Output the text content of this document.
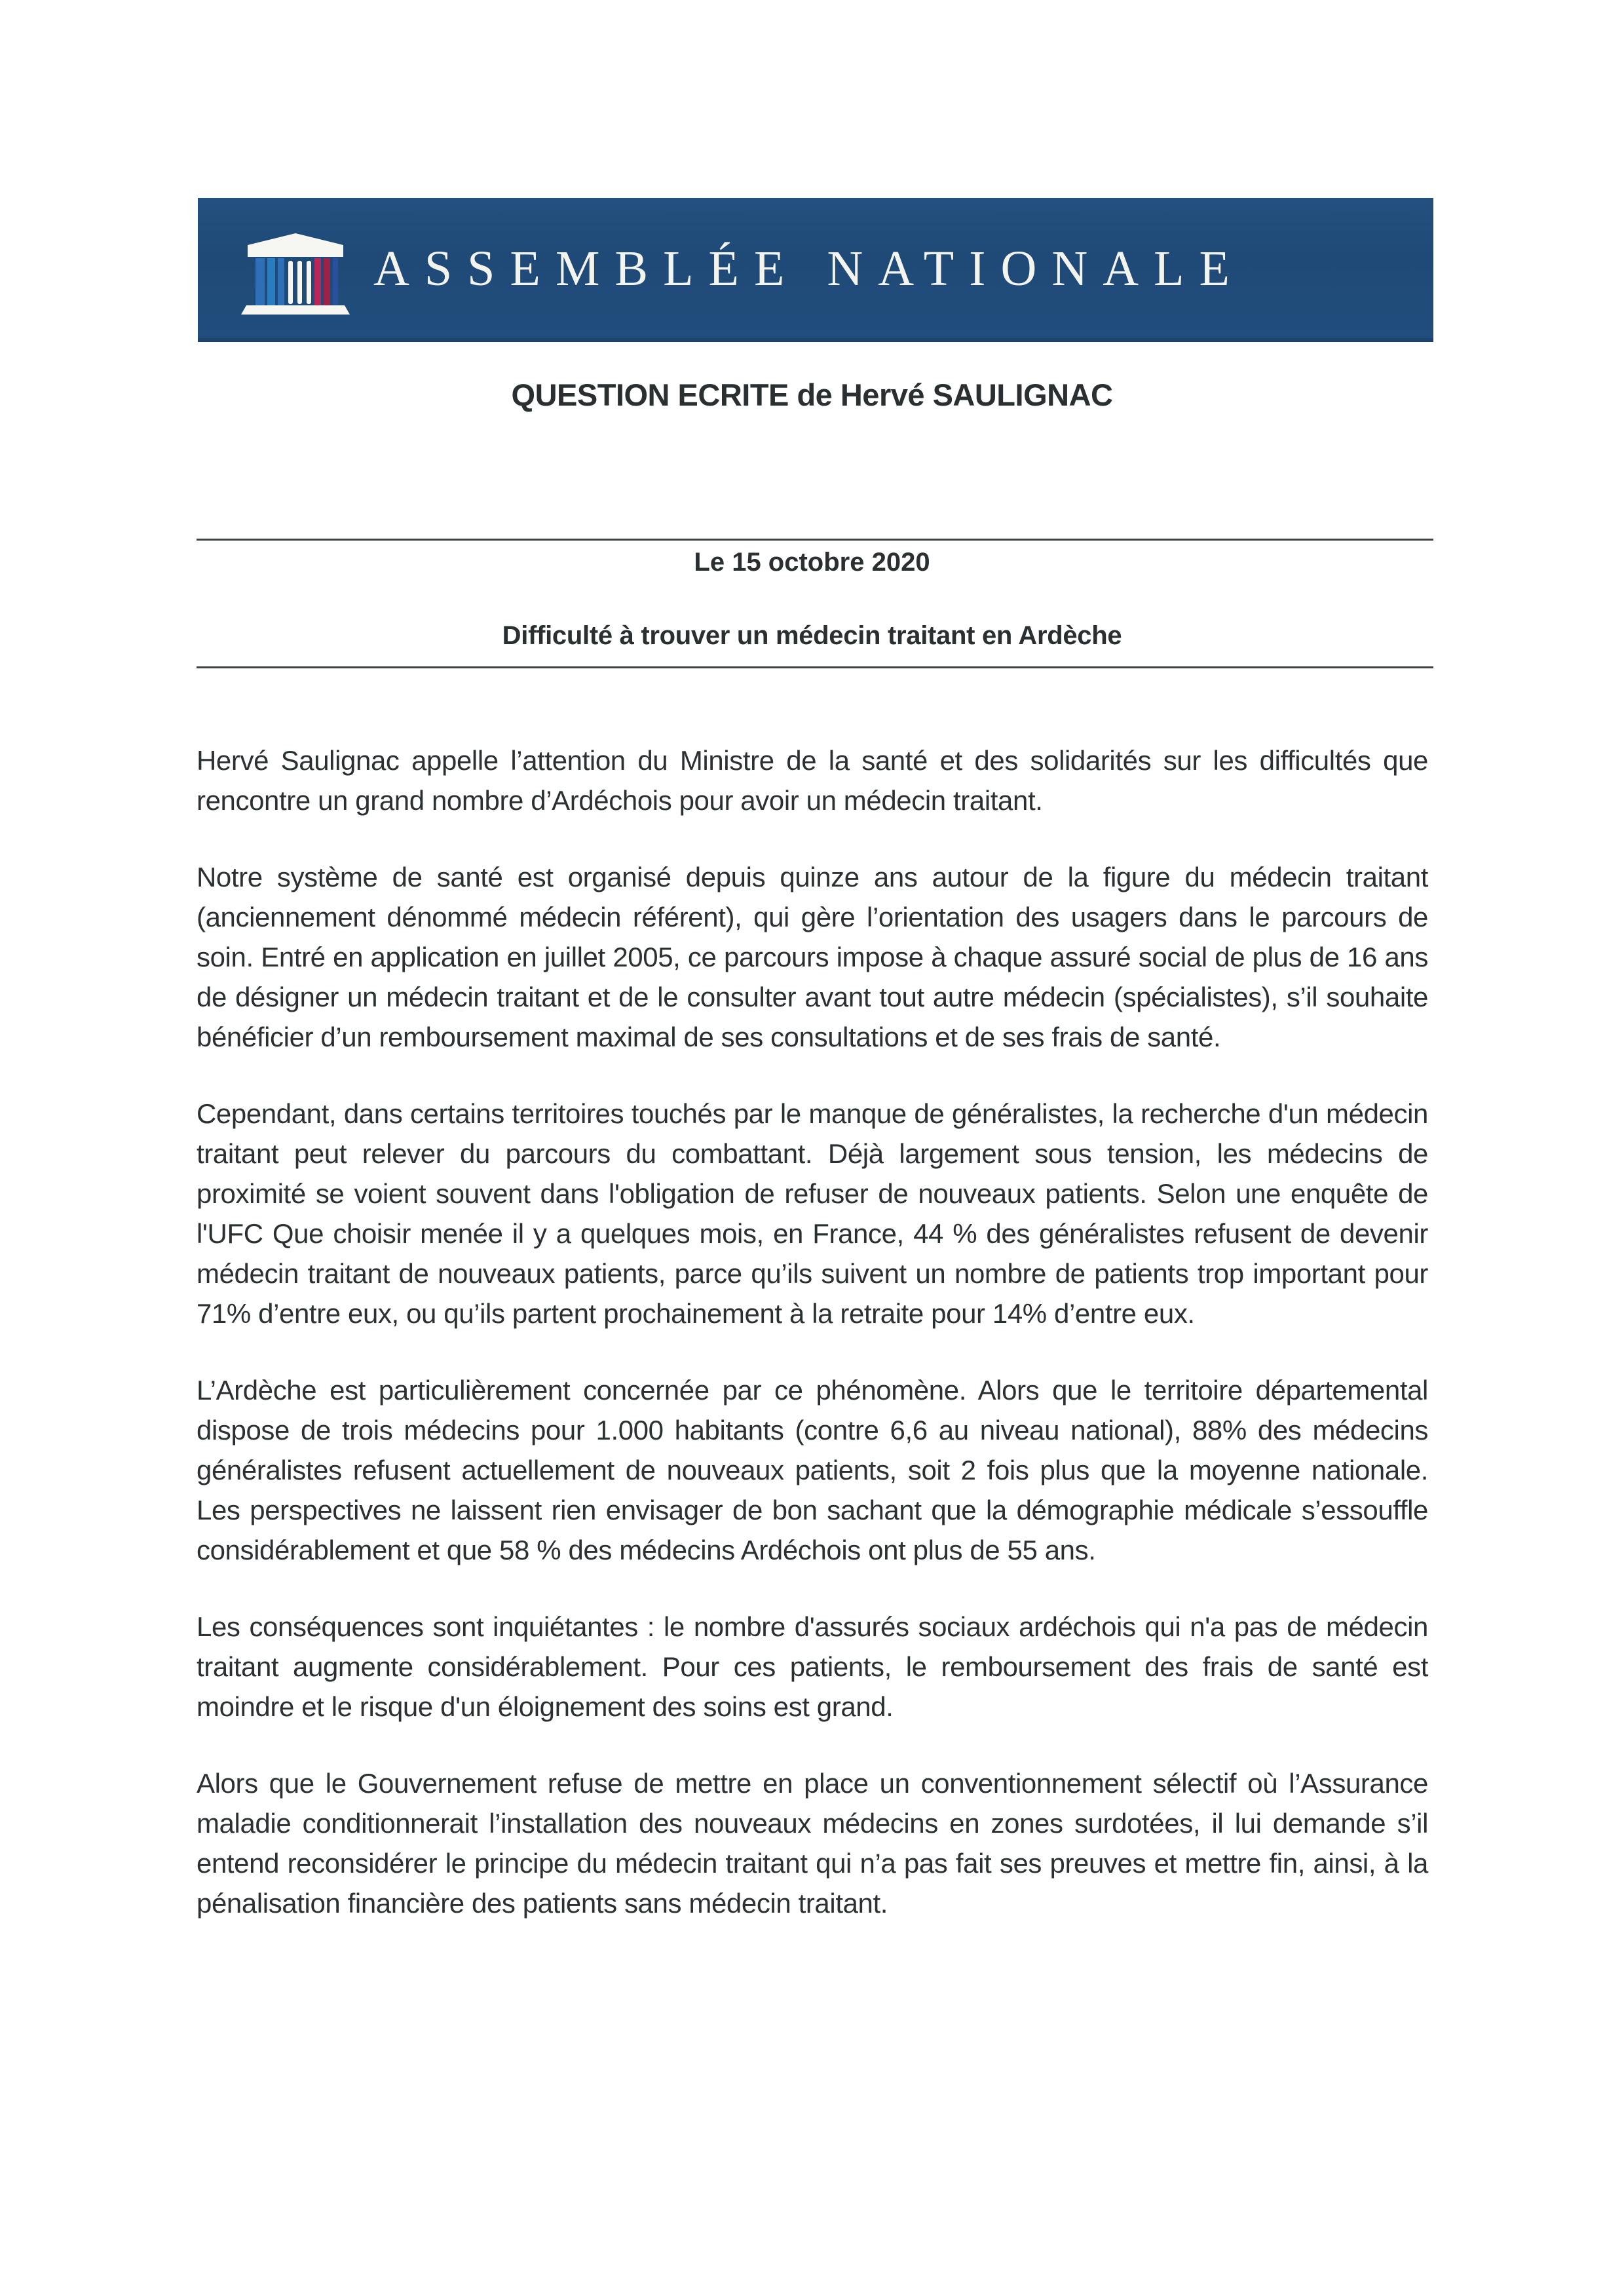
ASSEMBLÉE NATIONALE
QUESTION ECRITE de Hervé SAULIGNAC
Le 15 octobre 2020
Difficulté à trouver un médecin traitant en Ardèche

Hervé Saulignac appelle l’attention du Ministre de la santé et des solidarités sur les difficultés que rencontre un grand nombre d’Ardéchois pour avoir un médecin traitant.

Notre système de santé est organisé depuis quinze ans autour de la figure du médecin traitant (anciennement dénommé médecin référent), qui gère l’orientation des usagers dans le parcours de soin. Entré en application en juillet 2005, ce parcours impose à chaque assuré social de plus de 16 ans de désigner un médecin traitant et de le consulter avant tout autre médecin (spécialistes), s’il souhaite bénéficier d’un remboursement maximal de ses consultations et de ses frais de santé.

Cependant, dans certains territoires touchés par le manque de généralistes, la recherche d'un médecin traitant peut relever du parcours du combattant. Déjà largement sous tension, les médecins de proximité se voient souvent dans l'obligation de refuser de nouveaux patients. Selon une enquête de l'UFC Que choisir menée il y a quelques mois, en France, 44 % des généralistes refusent de devenir médecin traitant de nouveaux patients, parce qu’ils suivent un nombre de patients trop important pour 71% d’entre eux, ou qu’ils partent prochainement à la retraite pour 14% d’entre eux.

L’Ardèche est particulièrement concernée par ce phénomène. Alors que le territoire départemental dispose de trois médecins pour 1.000 habitants (contre 6,6 au niveau national), 88% des médecins généralistes refusent actuellement de nouveaux patients, soit 2 fois plus que la moyenne nationale. Les perspectives ne laissent rien envisager de bon sachant que la démographie médicale s’essouffle considérablement et que 58 % des médecins Ardéchois ont plus de 55 ans.

Les conséquences sont inquiétantes : le nombre d'assurés sociaux ardéchois qui n'a pas de médecin traitant augmente considérablement. Pour ces patients, le remboursement des frais de santé est moindre et le risque d'un éloignement des soins est grand.

Alors que le Gouvernement refuse de mettre en place un conventionnement sélectif où l’Assurance maladie conditionnerait l’installation des nouveaux médecins en zones surdotées, il lui demande s’il entend reconsidérer le principe du médecin traitant qui n’a pas fait ses preuves et mettre fin, ainsi, à la pénalisation financière des patients sans médecin traitant.
